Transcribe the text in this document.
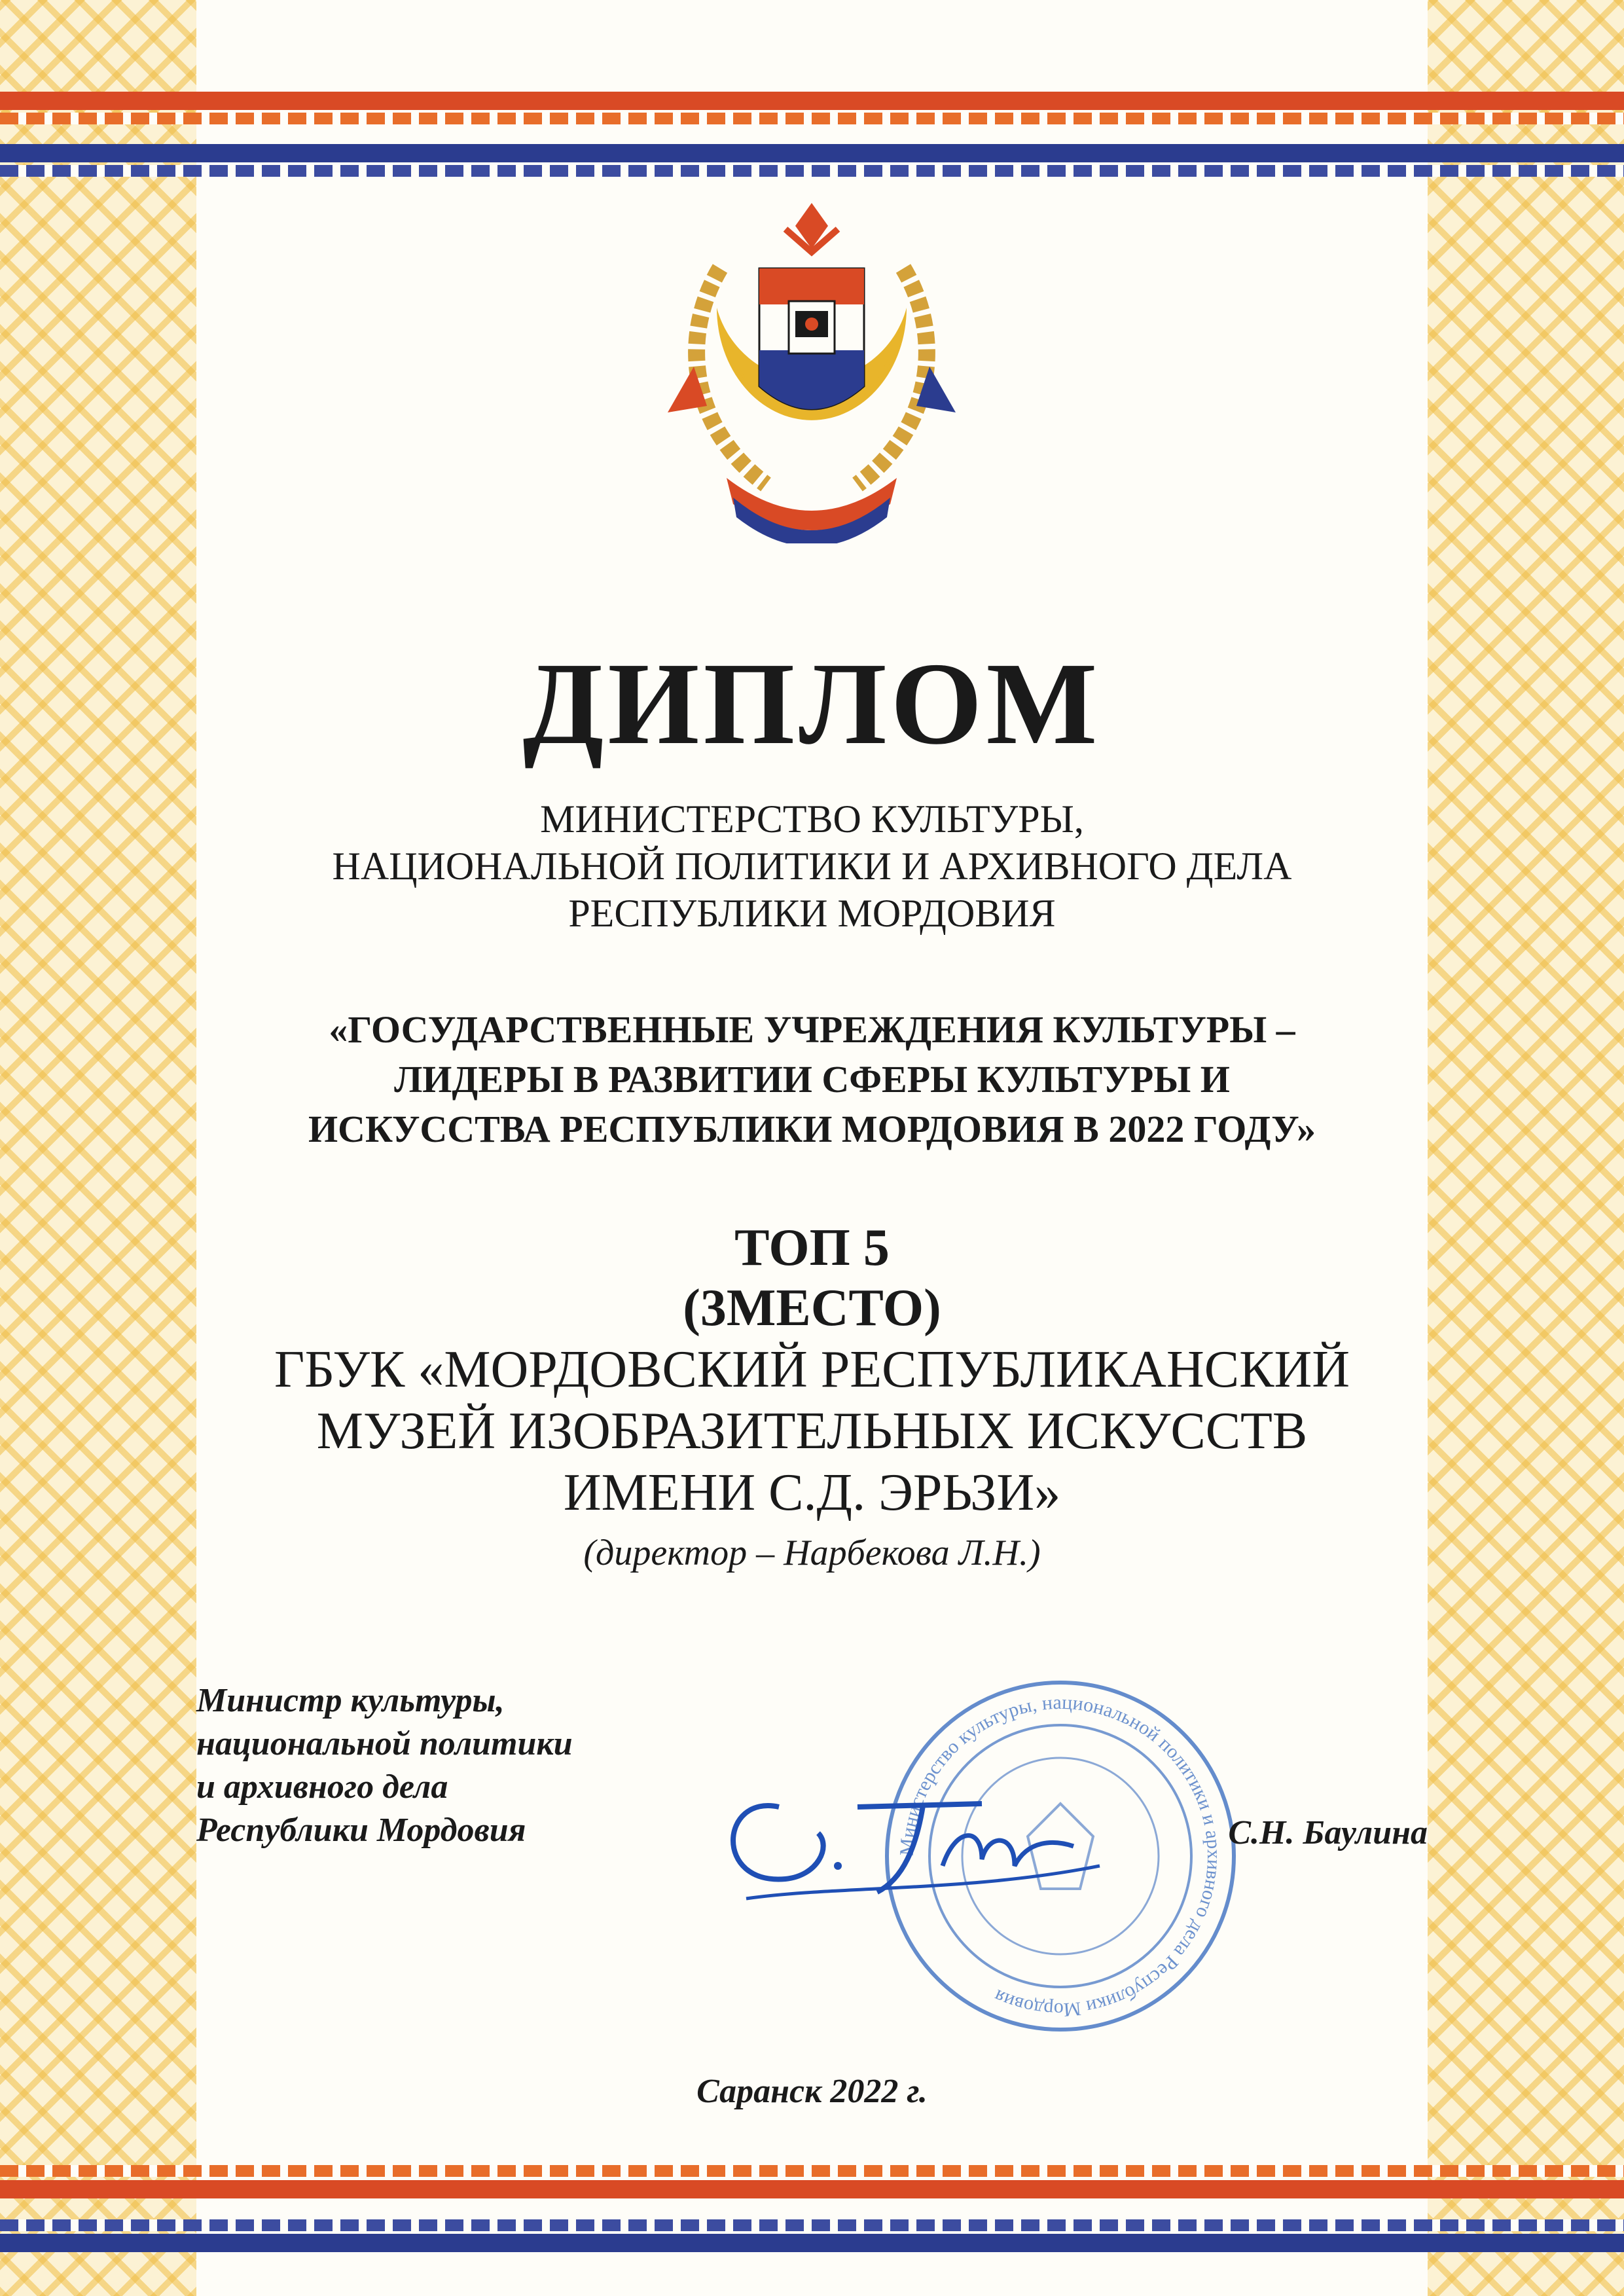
ДИПЛОМ
МИНИСТЕРСТВО КУЛЬТУРЫ,
НАЦИОНАЛЬНОЙ ПОЛИТИКИ И АРХИВНОГО ДЕЛА
РЕСПУБЛИКИ МОРДОВИЯ
«ГОСУДАРСТВЕННЫЕ УЧРЕЖДЕНИЯ КУЛЬТУРЫ –
ЛИДЕРЫ В РАЗВИТИИ СФЕРЫ КУЛЬТУРЫ И
ИСКУССТВА РЕСПУБЛИКИ МОРДОВИЯ В 2022 ГОДУ»
ТОП 5
(3МЕСТО)
ГБУК «МОРДОВСКИЙ РЕСПУБЛИКАНСКИЙ
МУЗЕЙ ИЗОБРАЗИТЕЛЬНЫХ ИСКУССТВ
ИМЕНИ С.Д. ЭРЬЗИ»
(директор – Нарбекова Л.Н.)
Министр культуры,
национальной политики
и архивного дела
Республики Мордовия	Министерство культуры, национальной политики и архивного дела Республики Мордовия
С.Н. Баулина
Саранск 2022 г.
